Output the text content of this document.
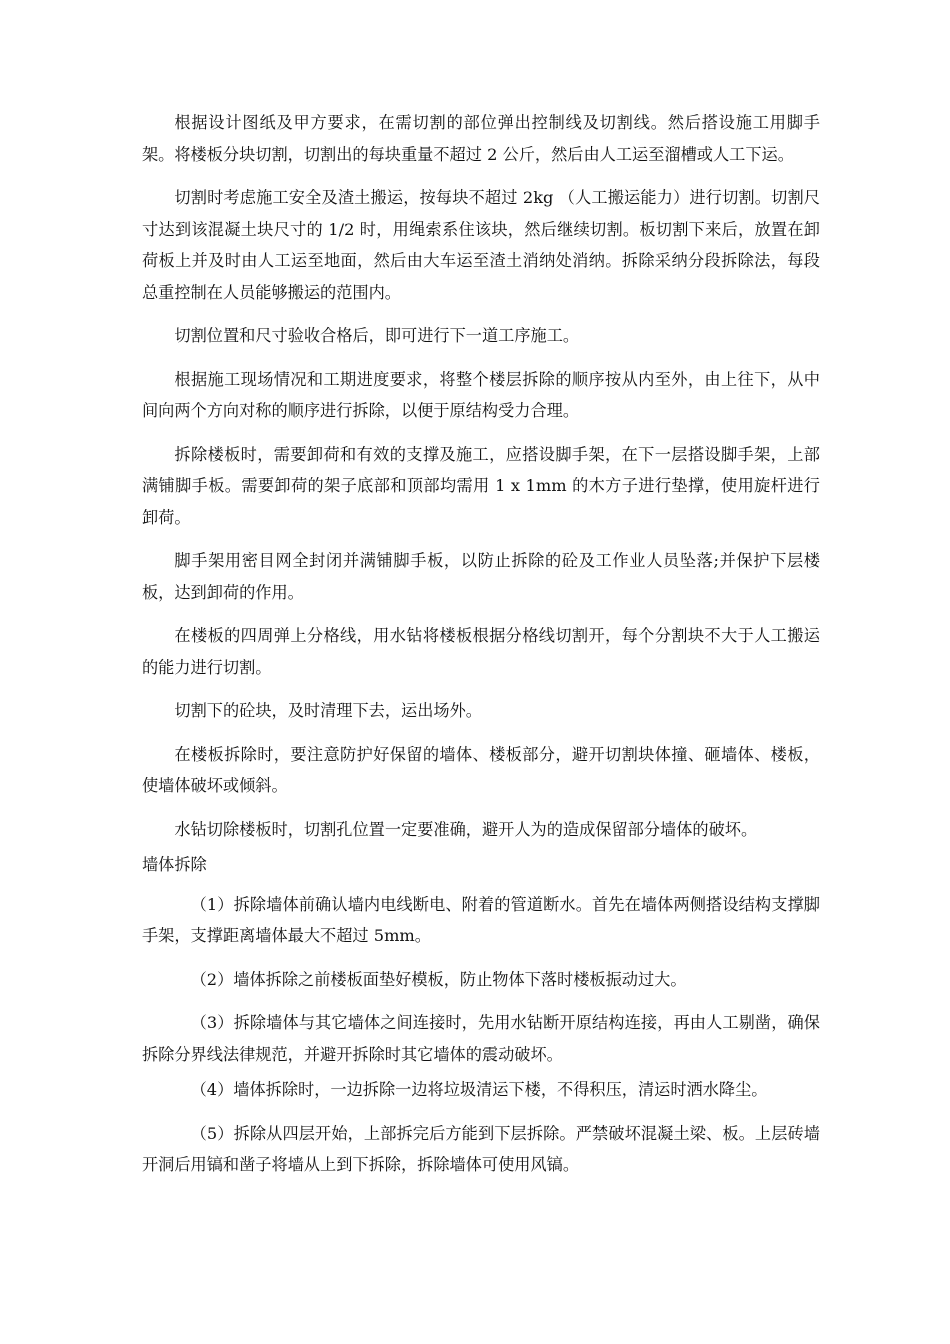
根据设计图纸及甲方要求，在需切割的部位弹出控制线及切割线。然后搭设施工用脚手架。将楼板分块切割，切割出的每块重量不超过 2 公斤，然后由人工运至溜槽或人工下运。

切割时考虑施工安全及渣土搬运，按每块不超过 2kg （人工搬运能力）进行切割。切割尺寸达到该混凝土块尺寸的 1/2 时，用绳索系住该块，然后继续切割。板切割下来后，放置在卸荷板上并及时由人工运至地面，然后由大车运至渣土消纳处消纳。拆除采纳分段拆除法，每段总重控制在人员能够搬运的范围内。

切割位置和尺寸验收合格后，即可进行下一道工序施工。

根据施工现场情况和工期进度要求，将整个楼层拆除的顺序按从内至外，由上往下，从中间向两个方向对称的顺序进行拆除，以便于原结构受力合理。

拆除楼板时，需要卸荷和有效的支撑及施工，应搭设脚手架，在下一层搭设脚手架，上部满铺脚手板。需要卸荷的架子底部和顶部均需用 1 x 1mm 的木方子进行垫撑，使用旋杆进行卸荷。

脚手架用密目网全封闭并满铺脚手板，以防止拆除的砼及工作业人员坠落;并保护下层楼板，达到卸荷的作用。

在楼板的四周弹上分格线，用水钻将楼板根据分格线切割开，每个分割块不大于人工搬运的能力进行切割。

切割下的砼块，及时清理下去，运出场外。

在楼板拆除时，要注意防护好保留的墙体、楼板部分，避开切割块体撞、砸墙体、楼板，使墙体破坏或倾斜。

水钻切除楼板时，切割孔位置一定要准确，避开人为的造成保留部分墙体的破坏。

墙体拆除

（1）拆除墙体前确认墙内电线断电、附着的管道断水。首先在墙体两侧搭设结构支撑脚手架，支撑距离墙体最大不超过 5mm。

（2）墙体拆除之前楼板面垫好模板，防止物体下落时楼板振动过大。

（3）拆除墙体与其它墙体之间连接时，先用水钻断开原结构连接，再由人工剔凿，确保拆除分界线法律规范，并避开拆除时其它墙体的震动破坏。

（4）墙体拆除时，一边拆除一边将垃圾清运下楼，不得积压，清运时洒水降尘。

（5）拆除从四层开始，上部拆完后方能到下层拆除。严禁破坏混凝土梁、板。上层砖墙开洞后用镐和凿子将墙从上到下拆除，拆除墙体可使用风镐。
